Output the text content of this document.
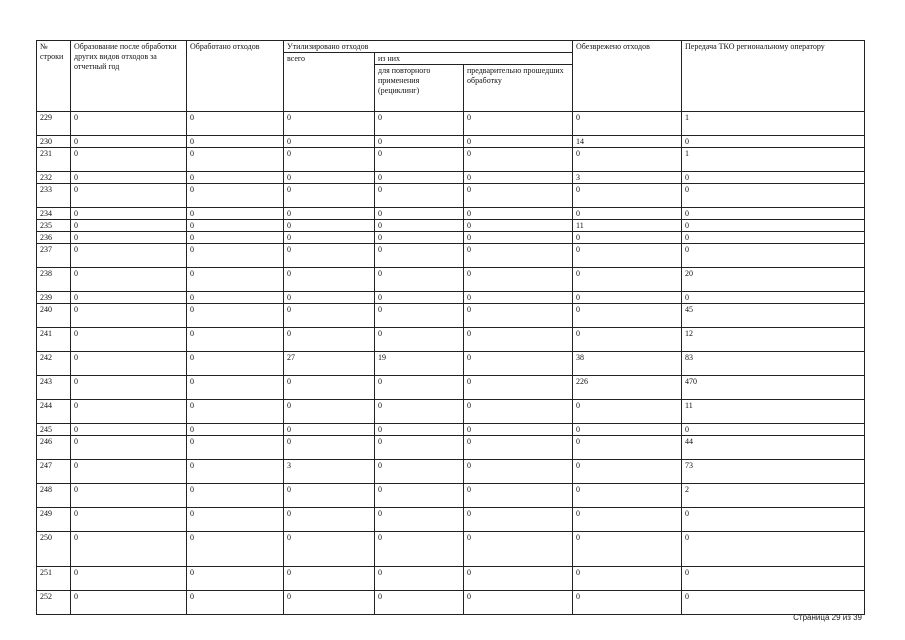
№ строки	Образование после обработки других видов отходов за отчетный год	Обработано отходов	Утилизировано отходов			Обезврежено отходов	Передача ТКО региональному оператору
			всего	из них			
				для повторного применения (рециклинг)	предварительно прошедших обработку		
229	0	0	0	0	0	0	1
230	0	0	0	0	0	14	0
231	0	0	0	0	0	0	1
232	0	0	0	0	0	3	0
233	0	0	0	0	0	0	0
234	0	0	0	0	0	0	0
235	0	0	0	0	0	11	0
236	0	0	0	0	0	0	0
237	0	0	0	0	0	0	0
238	0	0	0	0	0	0	20
239	0	0	0	0	0	0	0
240	0	0	0	0	0	0	45
241	0	0	0	0	0	0	12
242	0	0	27	19	0	38	83
243	0	0	0	0	0	226	470
244	0	0	0	0	0	0	11
245	0	0	0	0	0	0	0
246	0	0	0	0	0	0	44
247	0	0	3	0	0	0	73
248	0	0	0	0	0	0	2
249	0	0	0	0	0	0	0
250	0	0	0	0	0	0	0
251	0	0	0	0	0	0	0
252	0	0	0	0	0	0	0
Страница 29 из 39
